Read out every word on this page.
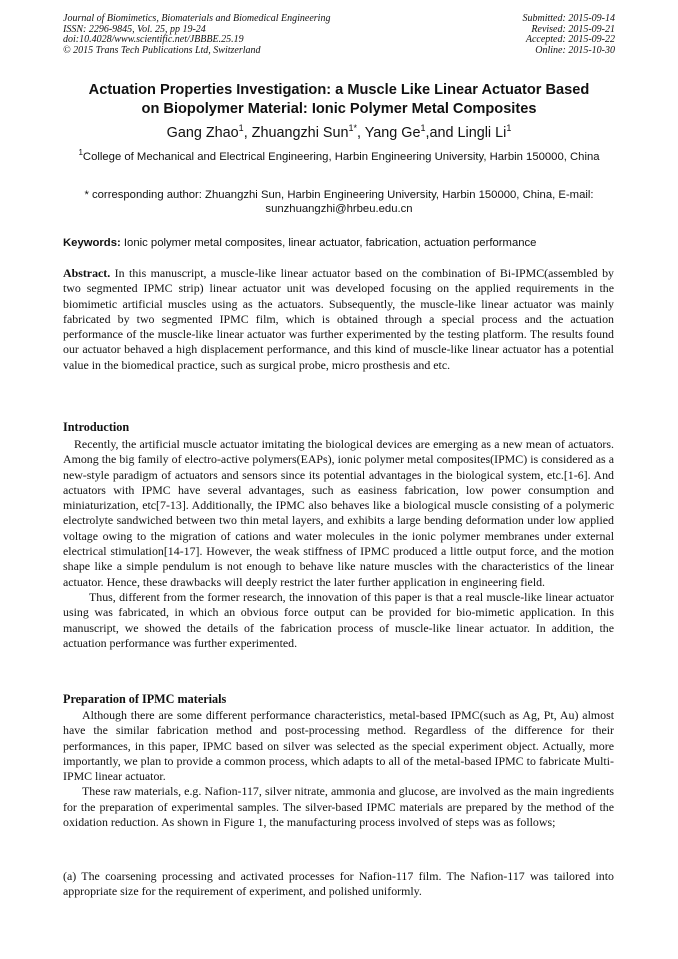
Journal of Biomimetics, Biomaterials and Biomedical Engineering
ISSN: 2296-9845, Vol. 25, pp 19-24
doi:10.4028/www.scientific.net/JBBBE.25.19
© 2015 Trans Tech Publications Ltd, Switzerland
Submitted: 2015-09-14
Revised: 2015-09-21
Accepted: 2015-09-22
Online: 2015-10-30
Actuation Properties Investigation: a Muscle Like Linear Actuator Based
on Biopolymer Material: Ionic Polymer Metal Composites
Gang Zhao$^1$, Zhuangzhi Sun$^{1*}$, Yang Ge$^1$,and Lingli Li$^1$
$^1$College of Mechanical and Electrical Engineering, Harbin Engineering University, Harbin 150000, China
* corresponding author: Zhuangzhi Sun, Harbin Engineering University, Harbin 150000, China, E-mail: sunzhuangzhi@hrbeu.edu.cn
Keywords: Ionic polymer metal composites, linear actuator, fabrication, actuation performance

Abstract. In this manuscript, a muscle-like linear actuator based on the combination of Bi-IPMC(assembled by two segmented IPMC strip) linear actuator unit was developed focusing on the applied requirements in the biomimetic artificial muscles using as the actuators. Subsequently, the muscle-like linear actuator was mainly fabricated by two segmented IPMC film, which is obtained through a special process and the actuation performance of the muscle-like linear actuator was further experimented by the testing platform. The results found our actuator behaved a high displacement performance, and this kind of muscle-like linear actuator has a potential value in the biomedical practice, such as surgical probe, micro prosthesis and etc.

Introduction

Recently, the artificial muscle actuator imitating the biological devices are emerging as a new mean of actuators. Among the big family of electro-active polymers(EAPs), ionic polymer metal composites(IPMC) is considered as a new-style paradigm of actuators and sensors since its potential advantages in the biological system, etc.[1-6]. And actuators with IPMC have several advantages, such as easiness fabrication, low power consumption and miniaturization, etc[7-13]. Additionally, the IPMC also behaves like a biological muscle consisting of a polymeric electrolyte sandwiched between two thin metal layers, and exhibits a large bending deformation under low applied voltage owing to the migration of cations and water molecules in the ionic polymer membranes under external electrical stimulation[14-17]. However, the weak stiffness of IPMC produced a little output force, and the motion shape like a simple pendulum is not enough to behave like nature muscles with the characteristics of the linear actuator. Hence, these drawbacks will deeply restrict the later further application in engineering field.

Thus, different from the former research, the innovation of this paper is that a real muscle-like linear actuator using was fabricated, in which an obvious force output can be provided for bio-mimetic application. In this manuscript, we showed the details of the fabrication process of muscle-like linear actuator. In addition, the actuation performance was further experimented.

Preparation of IPMC materials

Although there are some different performance characteristics, metal-based IPMC(such as Ag, Pt, Au) almost have the similar fabrication method and post-processing method. Regardless of the difference for their performances, in this paper, IPMC based on silver was selected as the special experiment object. Actually, more importantly, we plan to provide a common process, which adapts to all of the metal-based IPMC to fabricate Multi-IPMC linear actuator.

These raw materials, e.g. Nafion-117, silver nitrate, ammonia and glucose, are involved as the main ingredients for the preparation of experimental samples. The silver-based IPMC materials are prepared by the method of the oxidation reduction. As shown in Figure 1, the manufacturing process involved of steps was as follows;

(a) The coarsening processing and activated processes for Nafion-117 film. The Nafion-117 was tailored into appropriate size for the requirement of experiment, and polished uniformly.
